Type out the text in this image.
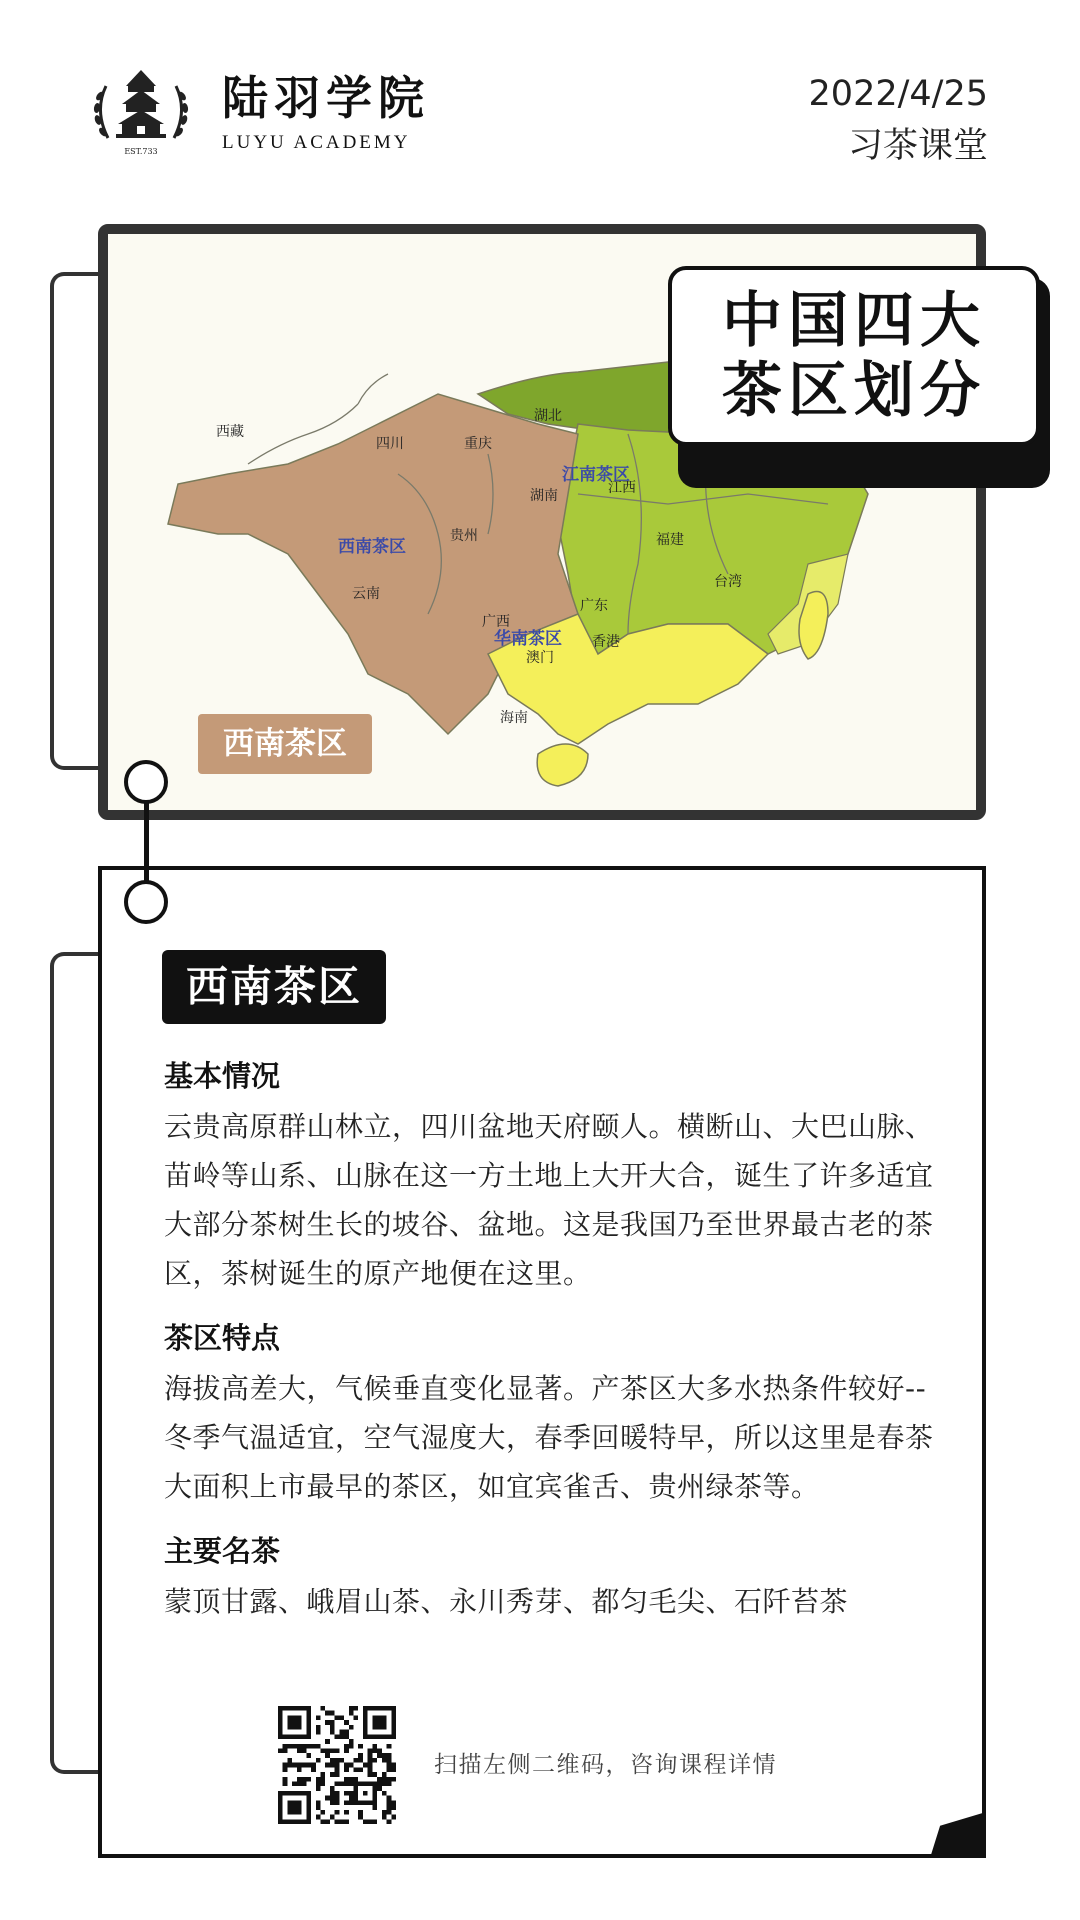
EST.733
陆羽学院
LUYU ACADEMY
2022/4/25
习茶课堂
西藏
四川	重庆
贵州
云南
湖北
湖南	江西
福建
台湾
广西
广东
香港
澳门
海南
西南茶区
江南茶区
华南茶区
西南茶区
中国四大
茶区划分
西南茶区
基本情况
云贵高原群山林立，四川盆地天府颐人。横断山、大巴山脉、苗岭等山系、山脉在这一方土地上大开大合，诞生了许多适宜大部分茶树生长的坡谷、盆地。这是我国乃至世界最古老的茶区，茶树诞生的原产地便在这里。
茶区特点
海拔高差大，气候垂直变化显著。产茶区大多水热条件较好--冬季气温适宜，空气湿度大，春季回暖特早，所以这里是春茶大面积上市最早的茶区，如宜宾雀舌、贵州绿茶等。
主要名茶
蒙顶甘露、峨眉山茶、永川秀芽、都匀毛尖、石阡苔茶
扫描左侧二维码，咨询课程详情
